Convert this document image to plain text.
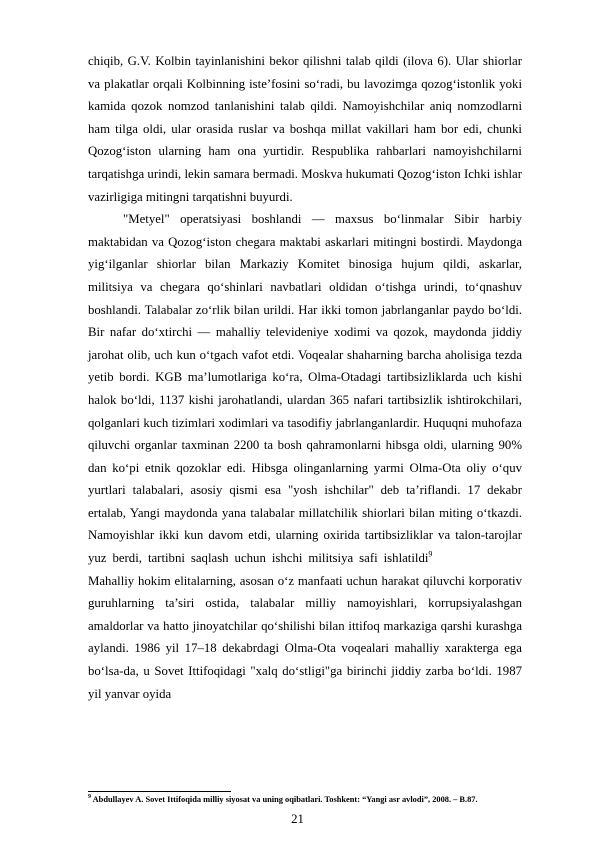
chiqib, G.V. Kolbin tayinlanishini bekor qilishni talab qildi (ilova 6). Ular shiorlar va plakatlar orqali Kolbinning iste’fosini so‘radi, bu lavozimga qozog‘istonlik yoki kamida qozok nomzod tanlanishini talab qildi. Namoyishchilar aniq nomzodlarni ham tilga oldi, ular orasida ruslar va boshqa millat vakillari ham bor edi, chunki Qozog‘iston ularning ham ona yurtidir. Respublika rahbarlari namoyishchilarni tarqatishga urindi, lekin samara bermadi. Moskva hukumati Qozog‘iston Ichki ishlar vazirligiga mitingni tarqatishni buyurdi.

"Metyel" operatsiyasi boshlandi — maxsus bo‘linmalar Sibir harbiy maktabidan va Qozog‘iston chegara maktabi askarlari mitingni bostirdi. Maydonga yig‘ilganlar shiorlar bilan Markaziy Komitet binosiga hujum qildi, askarlar, militsiya va chegara qo‘shinlari navbatlari oldidan o‘tishga urindi, to‘qnashuv boshlandi. Talabalar zo‘rlik bilan urildi. Har ikki tomon jabrlanganlar paydo bo‘ldi. Bir nafar do‘xtirchi — mahalliy televideniye xodimi va qozok, maydonda jiddiy jarohat olib, uch kun o‘tgach vafot etdi. Voqealar shaharning barcha aholisiga tezda yetib bordi. KGB ma’lumotlariga ko‘ra, Olma-Otadagi tartibsizliklarda uch kishi halok bo‘ldi, 1137 kishi jarohatlandi, ulardan 365 nafari tartibsizlik ishtirokchilari, qolganlari kuch tizimlari xodimlari va tasodifiy jabrlanganlardir. Huquqni muhofaza qiluvchi organlar taxminan 2200 ta bosh qahramonlarni hibsga oldi, ularning 90% dan ko‘pi etnik qozoklar edi. Hibsga olinganlarning yarmi Olma-Ota oliy o‘quv yurtlari talabalari, asosiy qismi esa "yosh ishchilar" deb ta’riflandi. 17 dekabr ertalab, Yangi maydonda yana talabalar millatchilik shiorlari bilan miting o‘tkazdi. Namoyishlar ikki kun davom etdi, ularning oxirida tartibsizliklar va talon-tarojlar yuz berdi, tartibni saqlash uchun ishchi militsiya safi ishlatildi$^9$       Mahalliy hokim elitalarning, asosan o‘z manfaati uchun harakat qiluvchi korporativ guruhlarning ta’siri ostida, talabalar milliy namoyishlari, korrupsiyalashgan amaldorlar va hatto jinoyatchilar qo‘shilishi bilan ittifoq markaziga qarshi kurashga aylandi. 1986 yil 17–18 dekabrdagi Olma-Ota voqealari mahalliy xarakterga ega bo‘lsa-da, u Sovet Ittifoqidagi "xalq do‘stligi"ga birinchi jiddiy zarba bo‘ldi. 1987 yil yanvar oyida

$^9$ Abdullayev A. Sovet Ittifoqida milliy siyosat va uning oqibatlari. Toshkent: “Yangi asr avlodi”, 2008. – B.87.
21
